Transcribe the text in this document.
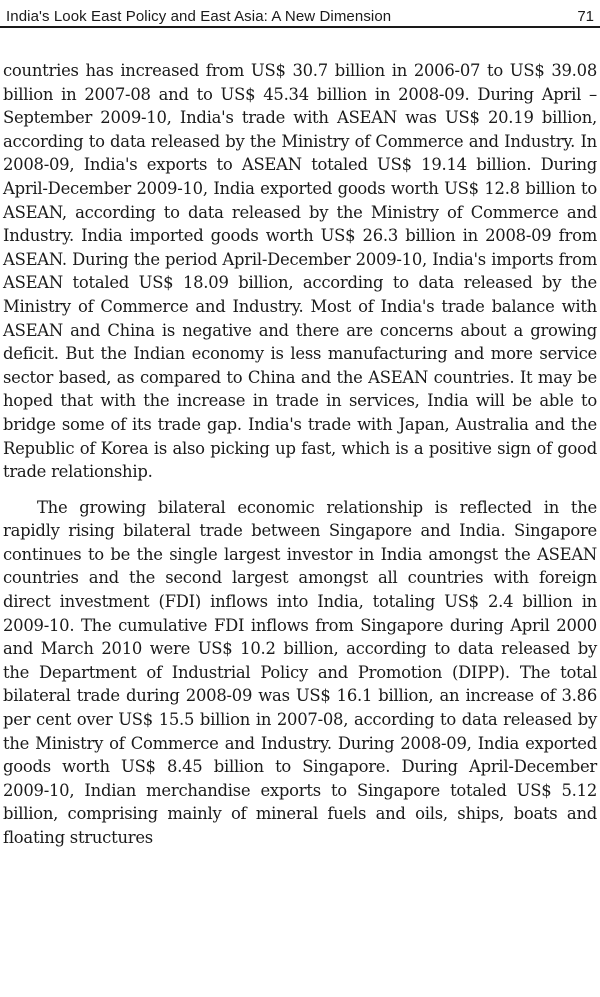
India's Look East Policy and East Asia: A New Dimension	71

countries has increased from US$ 30.7 billion in 2006-07 to US$ 39.08 billion in 2007-08 and to US$ 45.34 billion in 2008-09. During April – September 2009-10, India's trade with ASEAN was US$ 20.19 billion, according to data released by the Ministry of Commerce and Industry. In 2008-09, India's exports to ASEAN totaled US$ 19.14 billion. During April-December 2009-10, India exported goods worth US$ 12.8 billion to ASEAN, according to data released by the Ministry of Commerce and Industry. India imported goods worth US$ 26.3 billion in 2008-09 from ASEAN. During the period April-December 2009-10, India's imports from ASEAN totaled US$ 18.09 billion, according to data released by the Ministry of Commerce and Industry. Most of India's trade balance with ASEAN and China is negative and there are concerns about a growing deficit. But the Indian economy is less manufacturing and more service sector based, as compared to China and the ASEAN countries. It may be hoped that with the increase in trade in services, India will be able to bridge some of its trade gap. India's trade with Japan, Australia and the Republic of Korea is also picking up fast, which is a positive sign of good trade relationship.

The growing bilateral economic relationship is reflected in the rapidly rising bilateral trade between Singapore and India. Singapore continues to be the single largest investor in India amongst the ASEAN countries and the second largest amongst all countries with foreign direct investment (FDI) inflows into India, totaling US$ 2.4 billion in 2009-10. The cumulative FDI inflows from Singapore during April 2000 and March 2010 were US$ 10.2 billion, according to data released by the Department of Industrial Policy and Promotion (DIPP). The total bilateral trade during 2008-09 was US$ 16.1 billion, an increase of 3.86 per cent over US$ 15.5 billion in 2007-08, according to data released by the Ministry of Commerce and Industry. During 2008-09, India exported goods worth US$ 8.45 billion to Singapore. During April-December 2009-10, Indian merchandise exports to Singapore totaled US$ 5.12 billion, comprising mainly of mineral fuels and oils, ships, boats and floating structures
